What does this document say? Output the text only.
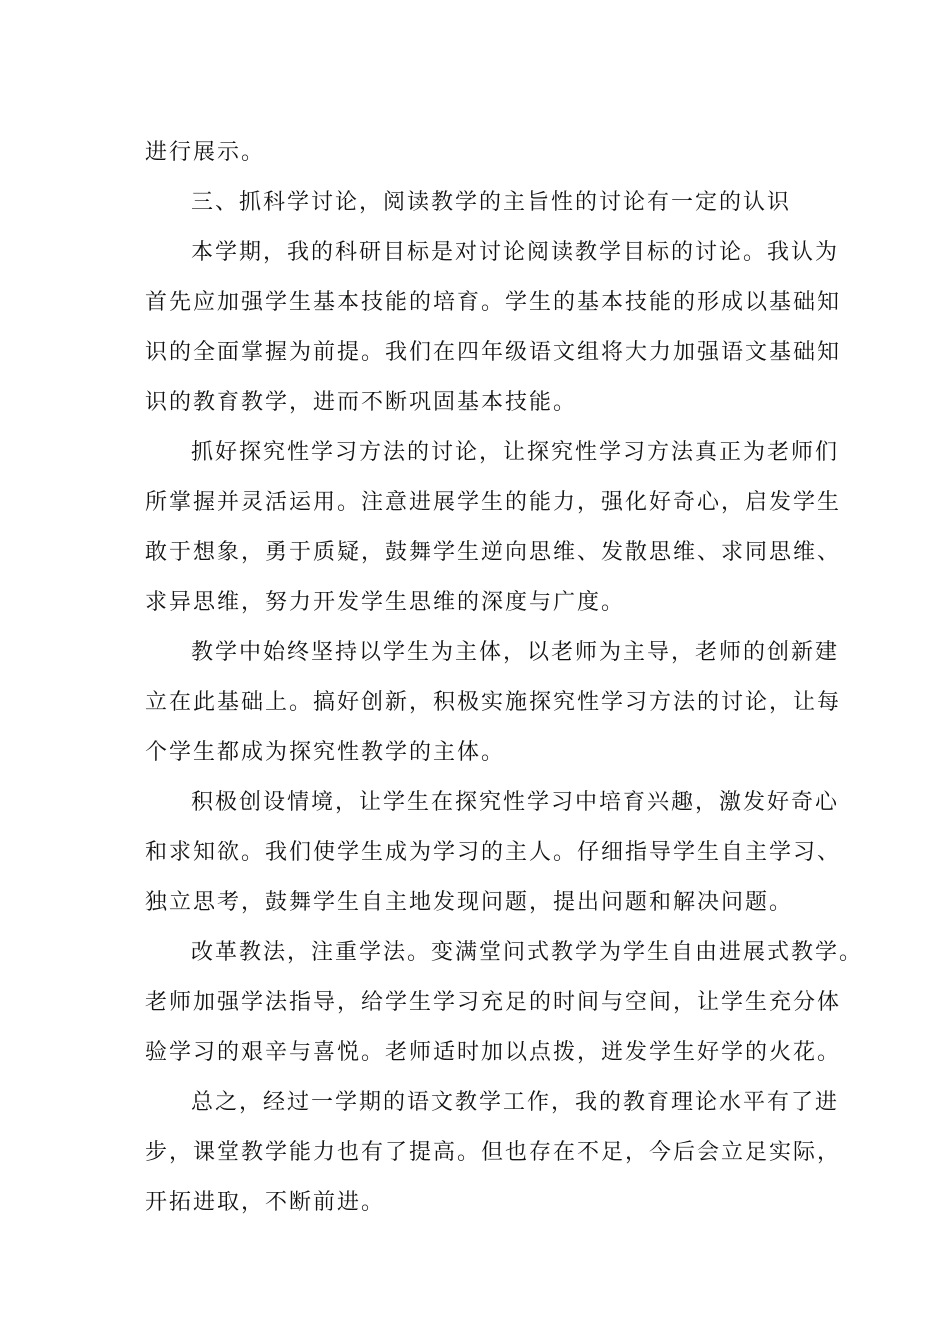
进行展示。
三、抓科学讨论，阅读教学的主旨性的讨论有一定的认识
本学期，我的科研目标是对讨论阅读教学目标的讨论。我认为
首先应加强学生基本技能的培育。学生的基本技能的形成以基础知
识的全面掌握为前提。我们在四年级语文组将大力加强语文基础知
识的教育教学，进而不断巩固基本技能。
抓好探究性学习方法的讨论，让探究性学习方法真正为老师们
所掌握并灵活运用。注意进展学生的能力，强化好奇心，启发学生
敢于想象，勇于质疑，鼓舞学生逆向思维、发散思维、求同思维、
求异思维，努力开发学生思维的深度与广度。
教学中始终坚持以学生为主体，以老师为主导，老师的创新建
立在此基础上。搞好创新，积极实施探究性学习方法的讨论，让每
个学生都成为探究性教学的主体。
积极创设情境，让学生在探究性学习中培育兴趣，激发好奇心
和求知欲。我们使学生成为学习的主人。仔细指导学生自主学习、
独立思考，鼓舞学生自主地发现问题，提出问题和解决问题。
改革教法，注重学法。变满堂问式教学为学生自由进展式教学。
老师加强学法指导，给学生学习充足的时间与空间，让学生充分体
验学习的艰辛与喜悦。老师适时加以点拨，迸发学生好学的火花。
总之，经过一学期的语文教学工作，我的教育理论水平有了进
步，课堂教学能力也有了提高。但也存在不足，今后会立足实际，
开拓进取，不断前进。
